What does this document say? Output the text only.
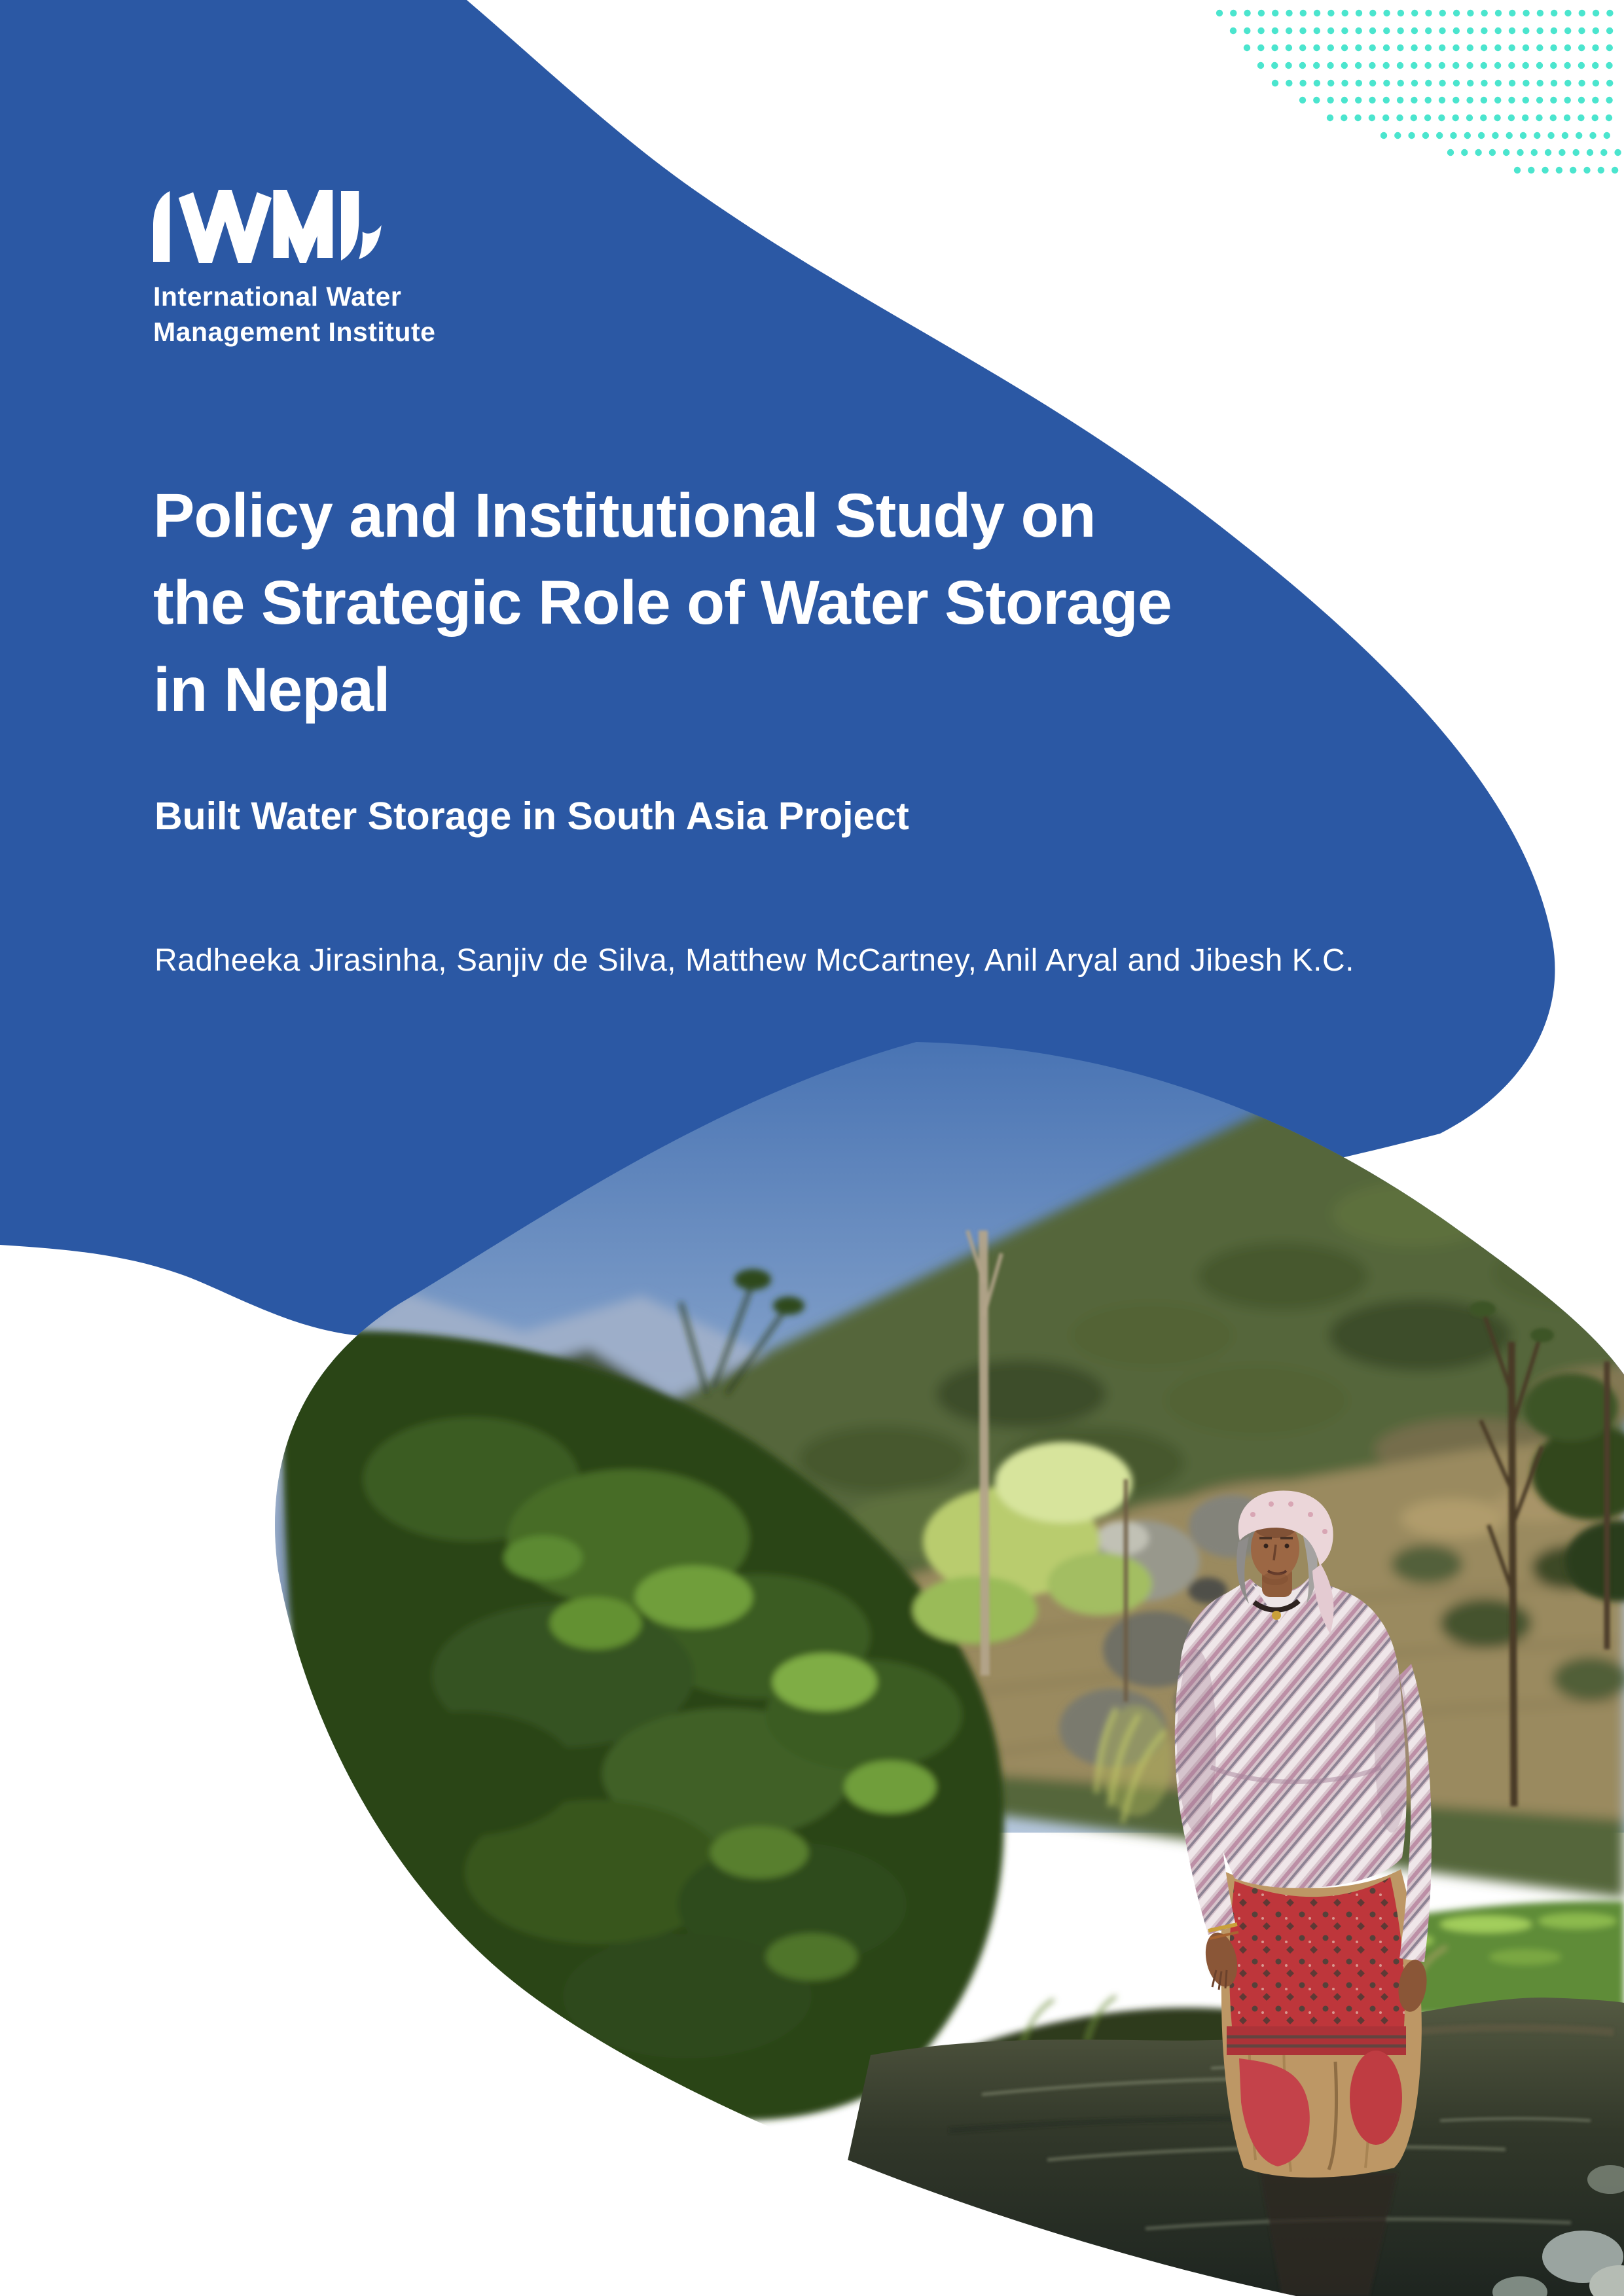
International Water
Management Institute
Policy and Institutional Study on
the Strategic Role of Water Storage
in Nepal
Built Water Storage in South Asia Project

Radheeka Jirasinha, Sanjiv de Silva, Matthew McCartney, Anil Aryal and Jibesh K.C.
